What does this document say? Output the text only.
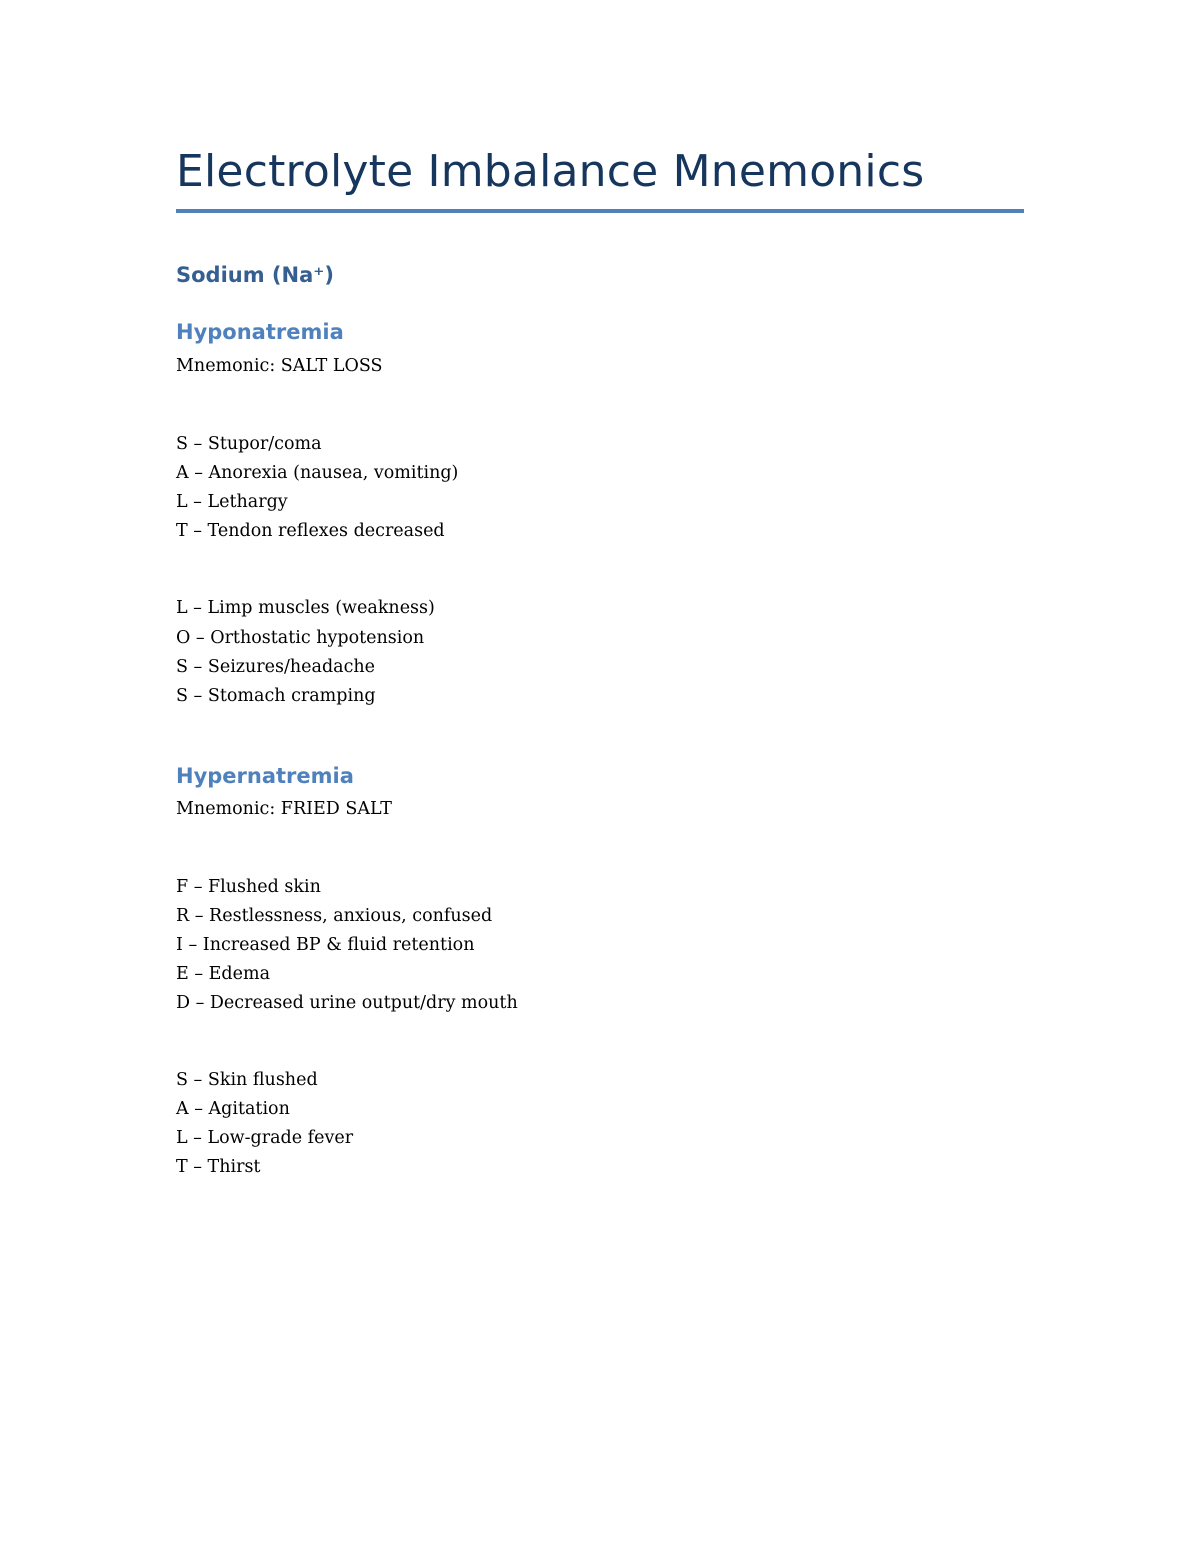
Electrolyte Imbalance Mnemonics
Sodium (Na⁺)
Hyponatremia
Mnemonic: SALT LOSS
S – Stupor/coma
A – Anorexia (nausea, vomiting)
L – Lethargy
T – Tendon reflexes decreased
L – Limp muscles (weakness)
O – Orthostatic hypotension
S – Seizures/headache
S – Stomach cramping
Hypernatremia
Mnemonic: FRIED SALT
F – Flushed skin
R – Restlessness, anxious, confused
I – Increased BP & fluid retention
E – Edema
D – Decreased urine output/dry mouth
S – Skin flushed
A – Agitation
L – Low-grade fever
T – Thirst
